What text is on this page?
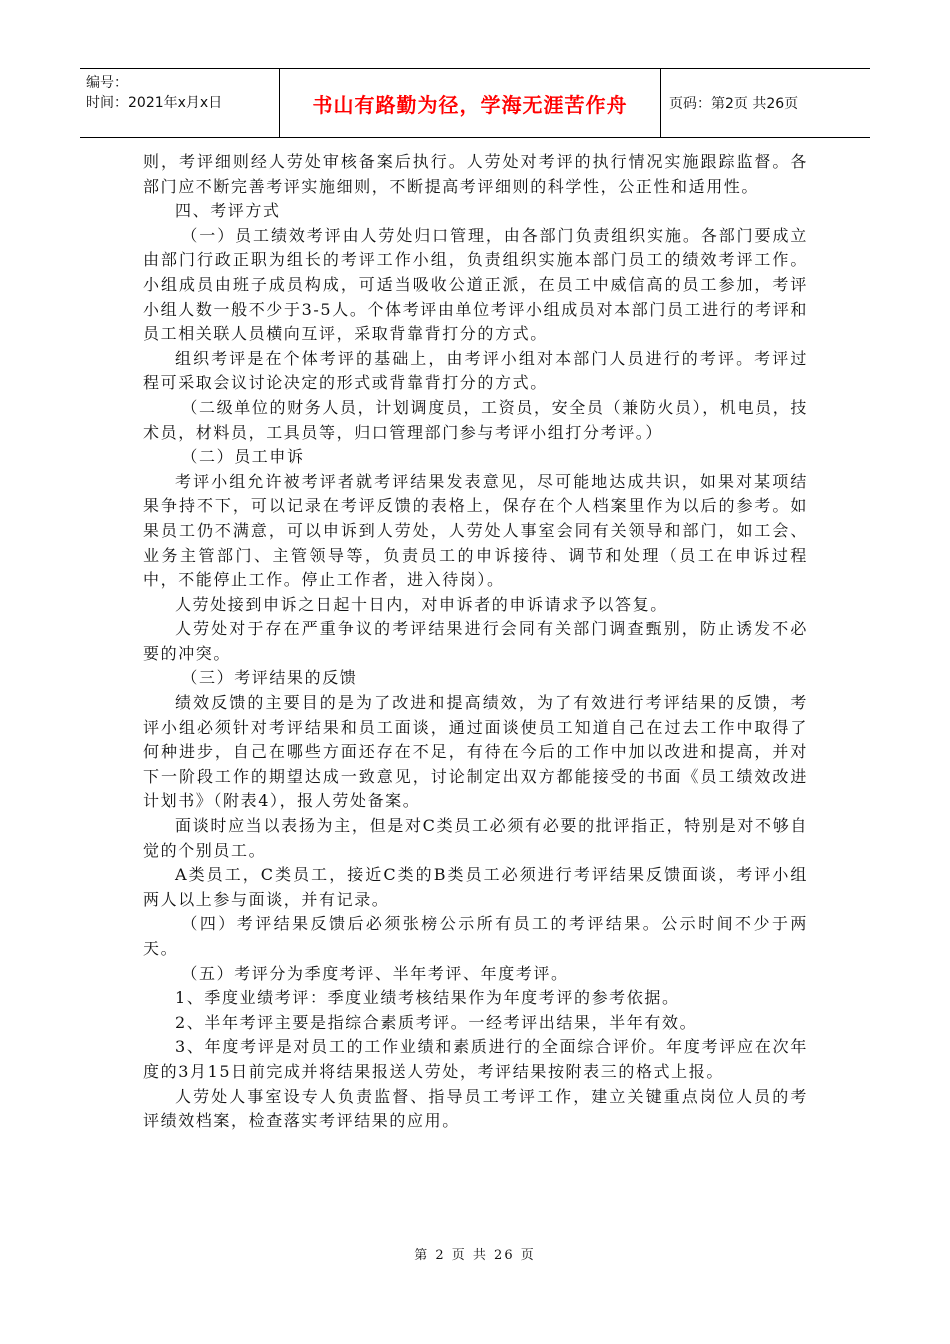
编号：
时间：2021年x月x日	书山有路勤为径，学海无涯苦作舟	页码：第2页 共26页

则，考评细则经人劳处审核备案后执行。人劳处对考评的执行情况实施跟踪监督。各部门应不断完善考评实施细则，不断提高考评细则的科学性，公正性和适用性。

四、考评方式

（一）员工绩效考评由人劳处归口管理，由各部门负责组织实施。各部门要成立由部门行政正职为组长的考评工作小组，负责组织实施本部门员工的绩效考评工作。小组成员由班子成员构成，可适当吸收公道正派，在员工中威信高的员工参加，考评小组人数一般不少于3-5人。个体考评由单位考评小组成员对本部门员工进行的考评和员工相关联人员横向互评，采取背靠背打分的方式。

组织考评是在个体考评的基础上，由考评小组对本部门人员进行的考评。考评过程可采取会议讨论决定的形式或背靠背打分的方式。

（二级单位的财务人员，计划调度员，工资员，安全员（兼防火员），机电员，技术员，材料员，工具员等，归口管理部门参与考评小组打分考评。）

（二）员工申诉

考评小组允许被考评者就考评结果发表意见，尽可能地达成共识，如果对某项结果争持不下，可以记录在考评反馈的表格上，保存在个人档案里作为以后的参考。如果员工仍不满意，可以申诉到人劳处，人劳处人事室会同有关领导和部门，如工会、业务主管部门、主管领导等，负责员工的申诉接待、调节和处理（员工在申诉过程中，不能停止工作。停止工作者，进入待岗）。

人劳处接到申诉之日起十日内，对申诉者的申诉请求予以答复。

人劳处对于存在严重争议的考评结果进行会同有关部门调查甄别，防止诱发不必要的冲突。

（三）考评结果的反馈

绩效反馈的主要目的是为了改进和提高绩效，为了有效进行考评结果的反馈，考评小组必须针对考评结果和员工面谈，通过面谈使员工知道自己在过去工作中取得了何种进步，自己在哪些方面还存在不足，有待在今后的工作中加以改进和提高，并对下一阶段工作的期望达成一致意见，讨论制定出双方都能接受的书面《员工绩效改进计划书》（附表4），报人劳处备案。

面谈时应当以表扬为主，但是对C类员工必须有必要的批评指正，特别是对不够自觉的个别员工。

A类员工，C类员工，接近C类的B类员工必须进行考评结果反馈面谈，考评小组两人以上参与面谈，并有记录。

（四）考评结果反馈后必须张榜公示所有员工的考评结果。公示时间不少于两天。

（五）考评分为季度考评、半年考评、年度考评。

1、季度业绩考评：季度业绩考核结果作为年度考评的参考依据。

2、半年考评主要是指综合素质考评。一经考评出结果，半年有效。

3、年度考评是对员工的工作业绩和素质进行的全面综合评价。年度考评应在次年度的3月15日前完成并将结果报送人劳处，考评结果按附表三的格式上报。

人劳处人事室设专人负责监督、指导员工考评工作，建立关键重点岗位人员的考评绩效档案，检查落实考评结果的应用。

第 2 页 共 26 页
